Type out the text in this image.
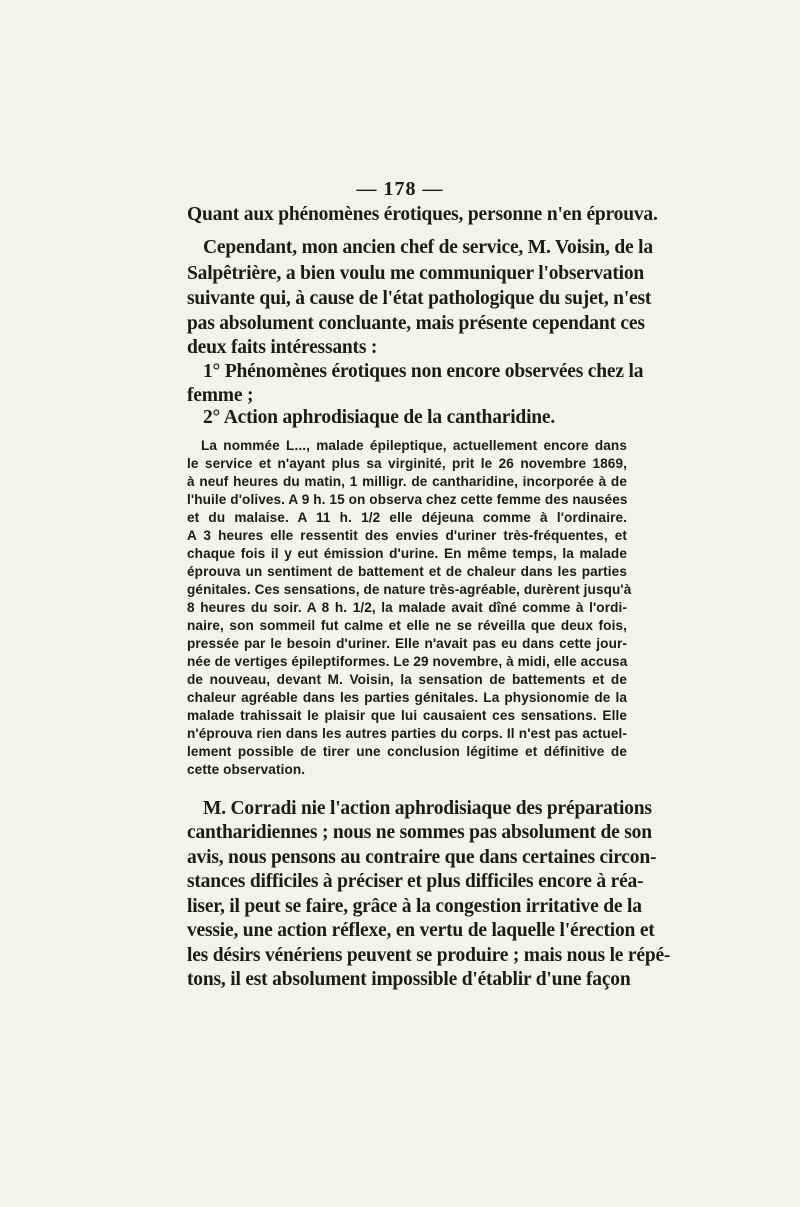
— 178 —
Quant aux phénomènes érotiques, personne n'en éprouva.
Cependant, mon ancien chef de service, M. Voisin, de la
Salpêtrière, a bien voulu me communiquer l'observation
suivante qui, à cause de l'état pathologique du sujet, n'est
pas absolument concluante, mais présente cependant ces
deux faits intéressants :
1° Phénomènes érotiques non encore observées chez la
femme ;
2° Action aphrodisiaque de la cantharidine.
La nommée L..., malade épileptique, actuellement encore dans
le service et n'ayant plus sa virginité, prit le 26 novembre 1869,
à neuf heures du matin, 1 milligr. de cantharidine, incorporée à de
l'huile d'olives. A 9 h. 15 on observa chez cette femme des nausées
et du malaise. A 11 h. 1/2 elle déjeuna comme à l'ordinaire.
A 3 heures elle ressentit des envies d'uriner très-fréquentes, et
chaque fois il y eut émission d'urine. En même temps, la malade
éprouva un sentiment de battement et de chaleur dans les parties
génitales. Ces sensations, de nature très-agréable, durèrent jusqu'à
8 heures du soir. A 8 h. 1/2, la malade avait dîné comme à l'ordi-
naire, son sommeil fut calme et elle ne se réveilla que deux fois,
pressée par le besoin d'uriner. Elle n'avait pas eu dans cette jour-
née de vertiges épileptiformes. Le 29 novembre, à midi, elle accusa
de nouveau, devant M. Voisin, la sensation de battements et de
chaleur agréable dans les parties génitales. La physionomie de la
malade trahissait le plaisir que lui causaient ces sensations. Elle
n'éprouva rien dans les autres parties du corps. Il n'est pas actuel-
lement possible de tirer une conclusion légitime et définitive de
cette observation.
M. Corradi nie l'action aphrodisiaque des préparations
cantharidiennes ; nous ne sommes pas absolument de son
avis, nous pensons au contraire que dans certaines circon-
stances difficiles à préciser et plus difficiles encore à réa-
liser, il peut se faire, grâce à la congestion irritative de la
vessie, une action réflexe, en vertu de laquelle l'érection et
les désirs vénériens peuvent se produire ; mais nous le répé-
tons, il est absolument impossible d'établir d'une façon
